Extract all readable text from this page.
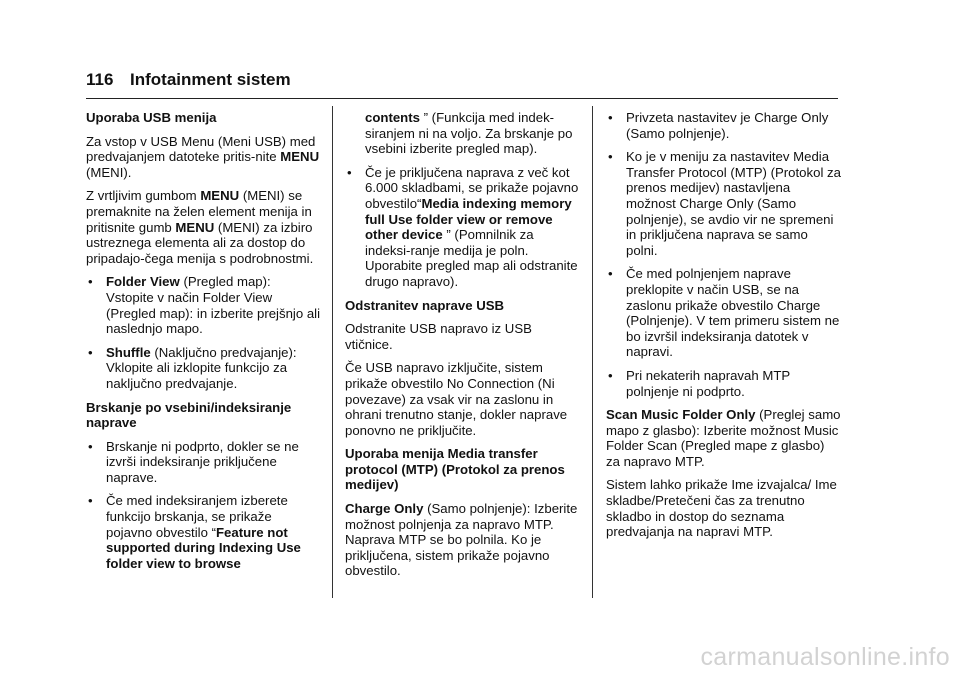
116 Infotainment sistem

Uporaba USB menija

Za vstop v USB Menu (Meni USB) med predvajanjem datoteke pritis-nite MENU (MENI).

Z vrtljivim gumbom MENU (MENI) se premaknite na želen element menija in pritisnite gumb MENU (MENI) za izbiro ustreznega elementa ali za dostop do pripadajo-čega menija s podrobnostmi.

• Folder View (Pregled map): Vstopite v način Folder View (Pregled map): in izberite prejšnjo ali naslednjo mapo.
• Shuffle (Naključno predvajanje): Vklopite ali izklopite funkcijo za naključno predvajanje.

Brskanje po vsebini/indeksiranje naprave

• Brskanje ni podprto, dokler se ne izvrši indeksiranje priključene naprave.
• Če med indeksiranjem izberete funkcijo brskanja, se prikaže pojavno obvestilo “Feature not supported during Indexing Use folder view to browse
contents ” (Funkcija med indek-siranjem ni na voljo. Za brskanje po vsebini izberite pregled map).
• Če je priključena naprava z več kot 6.000 skladbami, se prikaže pojavno obvestilo“Media indexing memory full Use folder view or remove other device ” (Pomnilnik za indeksi-ranje medija je poln. Uporabite pregled map ali odstranite drugo napravo).

Odstranitev naprave USB

Odstranite USB napravo iz USB vtičnice.

Če USB napravo izključite, sistem prikaže obvestilo No Connection (Ni povezave) za vsak vir na zaslonu in ohrani trenutno stanje, dokler naprave ponovno ne priključite.

Uporaba menija Media transfer protocol (MTP) (Protokol za prenos medijev)

Charge Only (Samo polnjenje): Izberite možnost polnjenja za napravo MTP. Naprava MTP se bo polnila. Ko je priključena, sistem prikaže pojavno obvestilo.

• Privzeta nastavitev je Charge Only (Samo polnjenje).
• Ko je v meniju za nastavitev Media Transfer Protocol (MTP) (Protokol za prenos medijev) nastavljena možnost Charge Only (Samo polnjenje), se avdio vir ne spremeni in priključena naprava se samo polni.
• Če med polnjenjem naprave preklopite v način USB, se na zaslonu prikaže obvestilo Charge (Polnjenje). V tem primeru sistem ne bo izvršil indeksiranja datotek v napravi.
• Pri nekaterih napravah MTP polnjenje ni podprto.

Scan Music Folder Only (Preglej samo mapo z glasbo): Izberite možnost Music Folder Scan (Pregled mape z glasbo) za napravo MTP.

Sistem lahko prikaže Ime izvajalca/ Ime skladbe/Pretečeni čas za trenutno skladbo in dostop do seznama predvajanja na napravi MTP.

carmanualsonline.info
